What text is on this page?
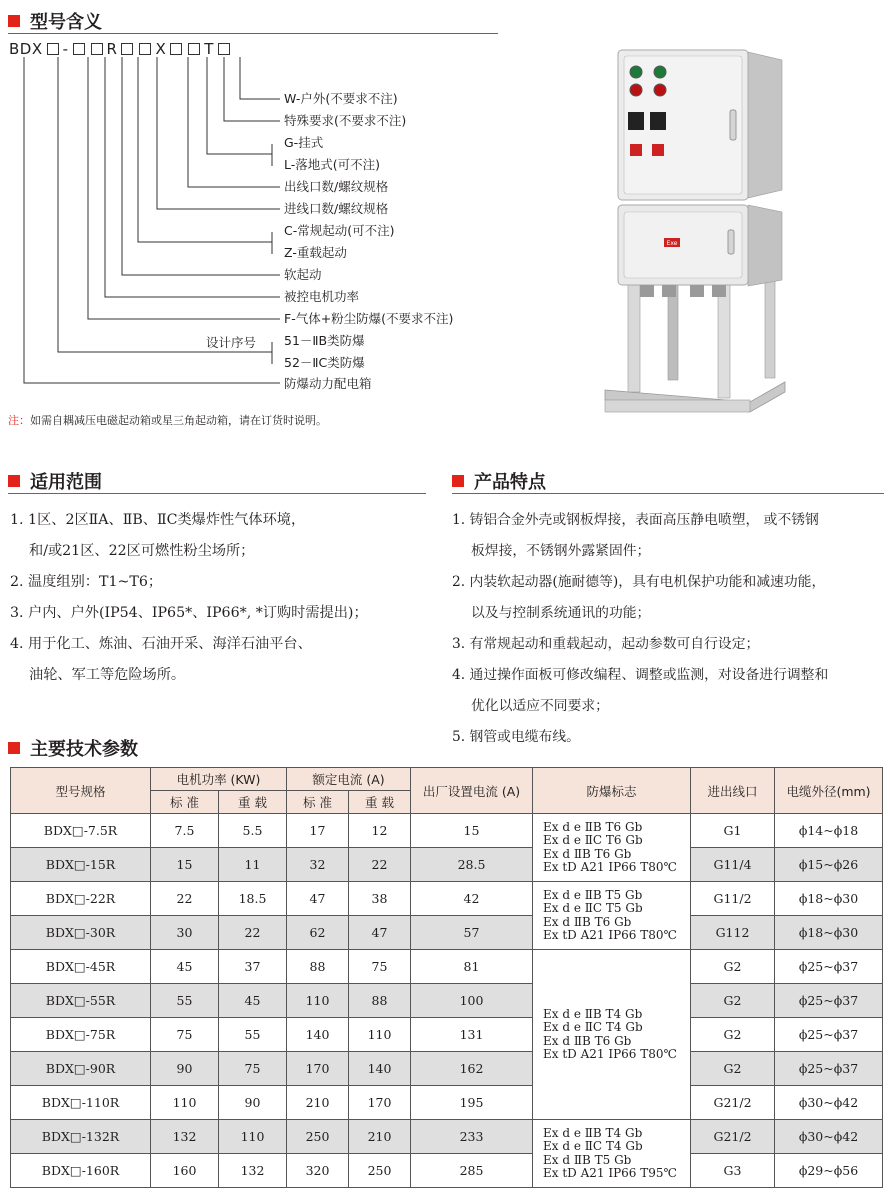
型号含义
BDX -	R	X	T
W-户外(不要求不注)
特殊要求(不要求不注)
G-挂式
L-落地式(可不注)
出线口数/螺纹规格
进线口数/螺纹规格
C-常规起动(可不注)
Z-重载起动
软起动
被控电机功率
F-气体+粉尘防爆(不要求不注)
设计序号 51－ⅡB类防爆
52－ⅡC类防爆
防爆动力配电箱
注：如需自耦减压电磁起动箱或星三角起动箱，请在订货时说明。
Exe
适用范围
1. 1区、2区ⅡA、ⅡB、ⅡC类爆炸性气体环境，
和/或21区、22区可燃性粉尘场所；
2. 温度组别：T1~T6；
3. 户内、户外(IP54、IP65*、IP66*, *订购时需提出)；
4. 用于化工、炼油、石油开采、海洋石油平台、
油轮、军工等危险场所。
产品特点
1. 铸铝合金外壳或钢板焊接，表面高压静电喷塑， 或不锈钢
板焊接，不锈钢外露紧固件；
2. 内装软起动器(施耐德等)，具有电机保护功能和减速功能，
以及与控制系统通讯的功能；
3. 有常规起动和重载起动，起动参数可自行设定；
4. 通过操作面板可修改编程、调整或监测，对设备进行调整和
优化以适应不同要求；
5. 钢管或电缆布线。
主要技术参数
型号规格	电机功率 (KW)		额定电流 (A)		出厂设置电流 (A)	防爆标志	进出线口	电缆外径(mm)
	标 准	重 载	标 准	重 载				
BDX□-7.5R	7.5	5.5	17	12	15	Ex d e ⅡB T6 Gb
Ex d e ⅡC T6 Gb
Ex d ⅡB T6 Gb
Ex tD A21 IP66 T80℃	G1	ϕ14~ϕ18
BDX□-15R	15	11	32	22	28.5		G11/4	ϕ15~ϕ26
BDX□-22R	22	18.5	47	38	42	Ex d e ⅡB T5 Gb
Ex d e ⅡC T5 Gb
Ex d ⅡB T6 Gb
Ex tD A21 IP66 T80℃	G11/2	ϕ18~ϕ30
BDX□-30R	30	22	62	47	57		G112	ϕ18~ϕ30
BDX□-45R	45	37	88	75	81	Ex d e ⅡB T4 Gb
Ex d e ⅡC T4 Gb
Ex d ⅡB T6 Gb
Ex tD A21 IP66 T80℃	G2	ϕ25~ϕ37
BDX□-55R	55	45	110	88	100		G2	ϕ25~ϕ37
BDX□-75R	75	55	140	110	131		G2	ϕ25~ϕ37
BDX□-90R	90	75	170	140	162		G2	ϕ25~ϕ37
BDX□-110R	110	90	210	170	195		G21/2	ϕ30~ϕ42
BDX□-132R	132	110	250	210	233	Ex d e ⅡB T4 Gb
Ex d e ⅡC T4 Gb
Ex d ⅡB T5 Gb
Ex tD A21 IP66 T95℃	G21/2	ϕ30~ϕ42
BDX□-160R	160	132	320	250	285		G3	ϕ29~ϕ56
